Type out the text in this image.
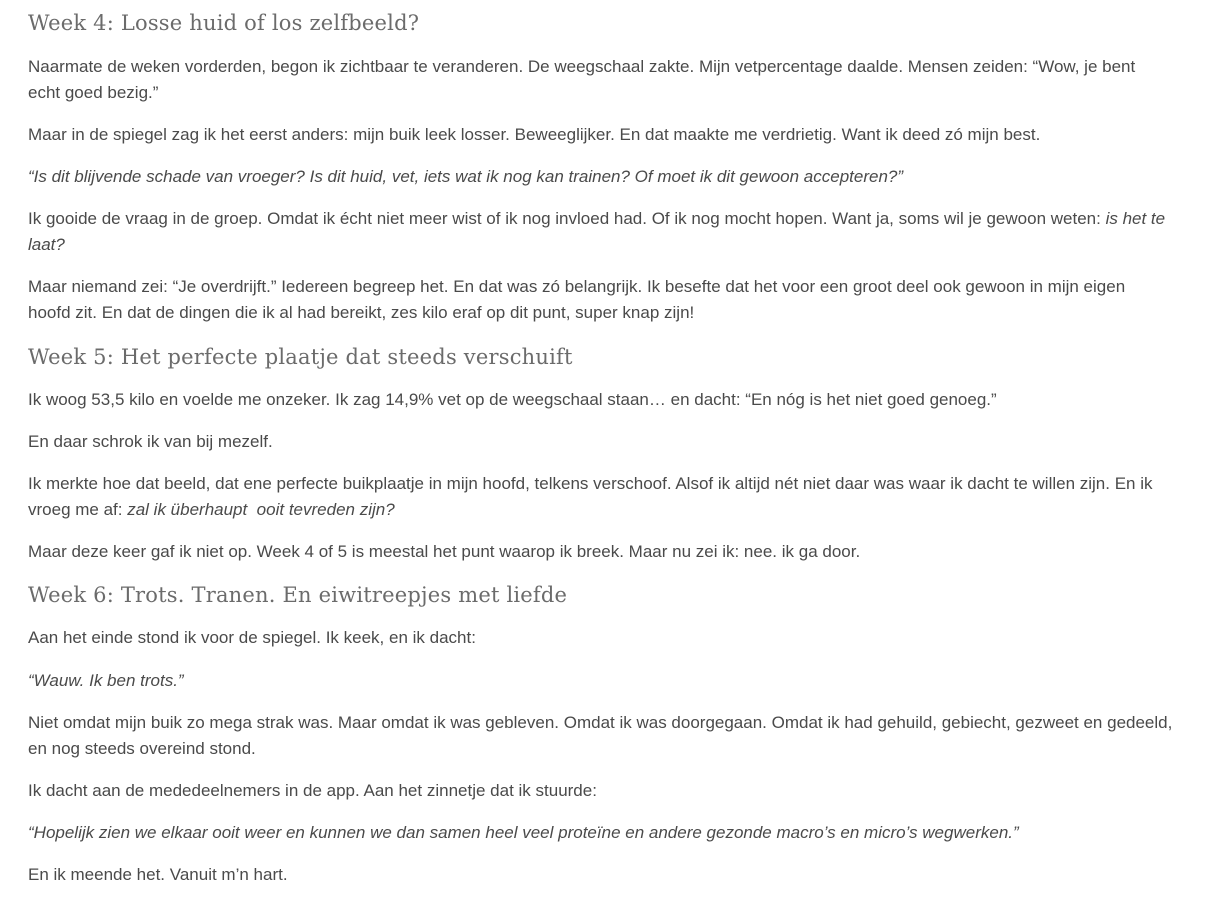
Week 4: Losse huid of los zelfbeeld?

Naarmate de weken vorderden, begon ik zichtbaar te veranderen. De weegschaal zakte. Mijn vetpercentage daalde. Mensen zeiden: “Wow, je bent echt goed bezig.”

Maar in de spiegel zag ik het eerst anders: mijn buik leek losser. Beweeglijker. En dat maakte me verdrietig. Want ik deed zó mijn best.

“Is dit blijvende schade van vroeger? Is dit huid, vet, iets wat ik nog kan trainen? Of moet ik dit gewoon accepteren?”

Ik gooide de vraag in de groep. Omdat ik écht niet meer wist of ik nog invloed had. Of ik nog mocht hopen. Want ja, soms wil je gewoon weten: is het te laat?

Maar niemand zei: “Je overdrijft.” Iedereen begreep het. En dat was zó belangrijk. Ik besefte dat het voor een groot deel ook gewoon in mijn eigen hoofd zit. En dat de dingen die ik al had bereikt, zes kilo eraf op dit punt, super knap zijn!

Week 5: Het perfecte plaatje dat steeds verschuift

Ik woog 53,5 kilo en voelde me onzeker. Ik zag 14,9% vet op de weegschaal staan… en dacht: “En nóg is het niet goed genoeg.”

En daar schrok ik van bij mezelf.

Ik merkte hoe dat beeld, dat ene perfecte buikplaatje in mijn hoofd, telkens verschoof. Alsof ik altijd nét niet daar was waar ik dacht te willen zijn. En ik vroeg me af: zal ik überhaupt  ooit tevreden zijn?

Maar deze keer gaf ik niet op. Week 4 of 5 is meestal het punt waarop ik breek. Maar nu zei ik: nee. ik ga door.

Week 6: Trots. Tranen. En eiwitreepjes met liefde

Aan het einde stond ik voor de spiegel. Ik keek, en ik dacht:

“Wauw. Ik ben trots.”

Niet omdat mijn buik zo mega strak was. Maar omdat ik was gebleven. Omdat ik was doorgegaan. Omdat ik had gehuild, gebiecht, gezweet en gedeeld, en nog steeds overeind stond.

Ik dacht aan de mededeelnemers in de app. Aan het zinnetje dat ik stuurde:

“Hopelijk zien we elkaar ooit weer en kunnen we dan samen heel veel proteïne en andere gezonde macro’s en micro’s wegwerken.”

En ik meende het. Vanuit m’n hart.
